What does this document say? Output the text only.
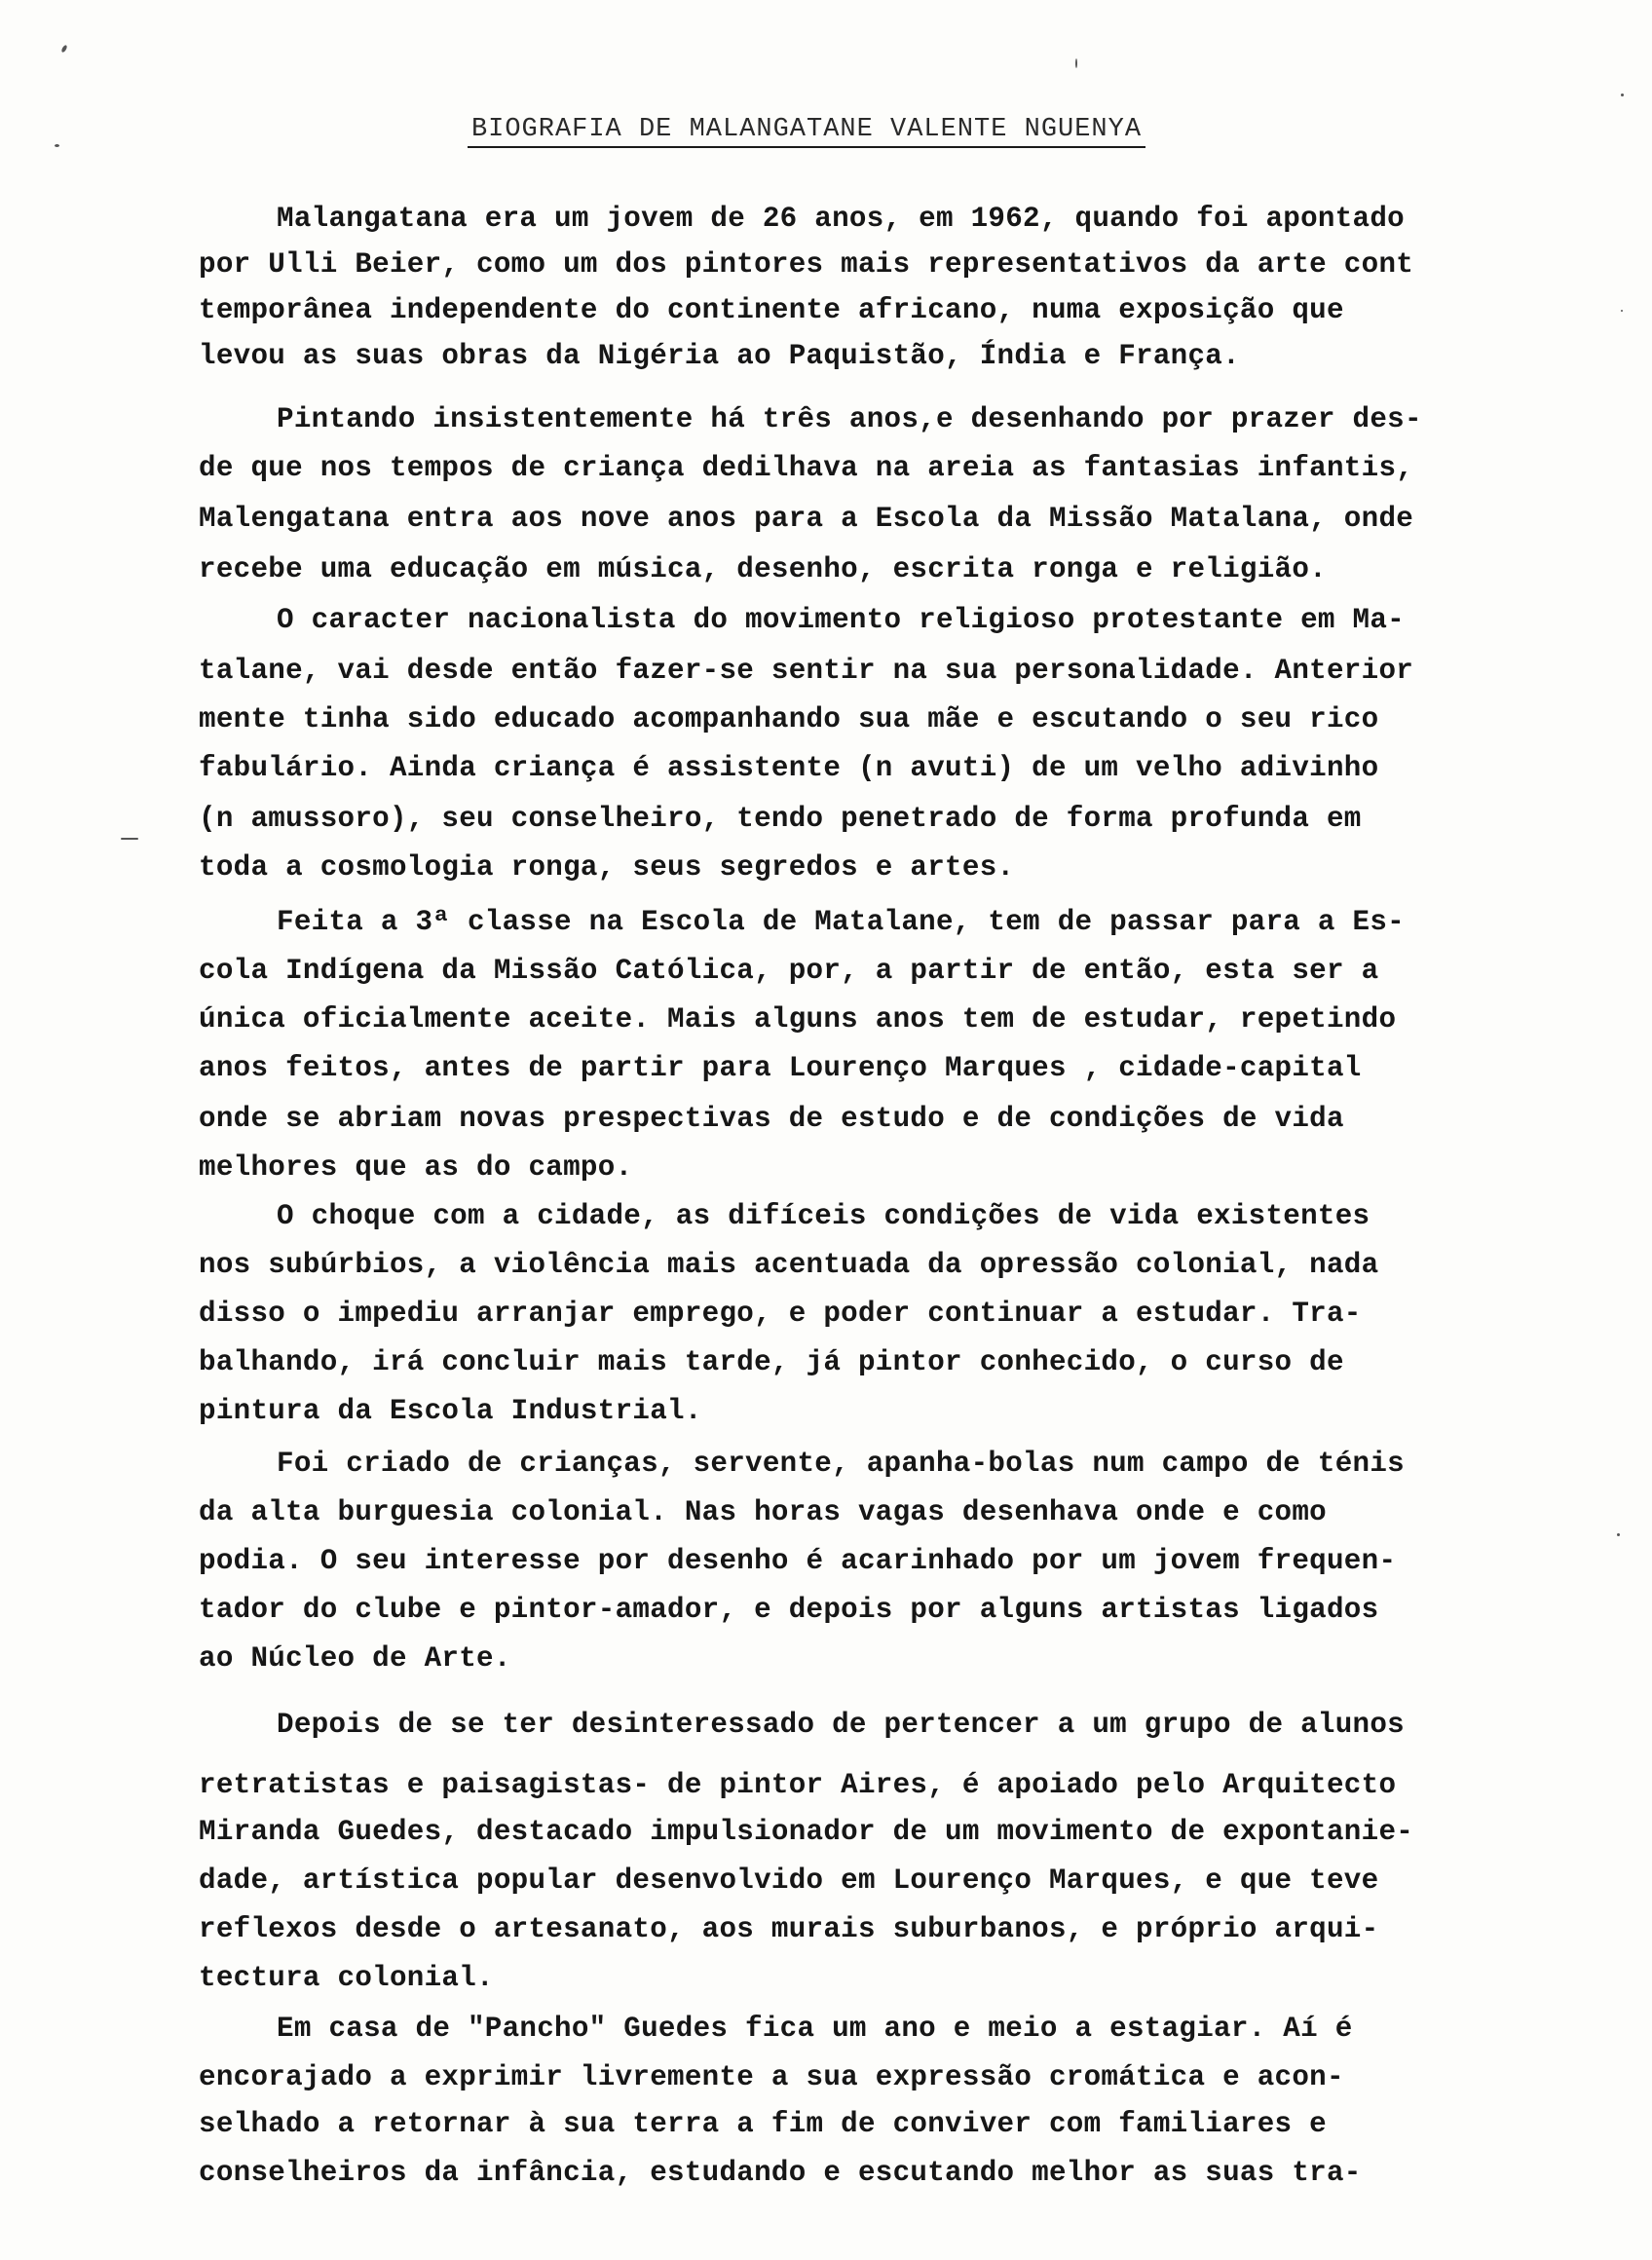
BIOGRAFIA DE MALANGATANE VALENTE NGUENYA
Malangatana era um jovem de 26 anos, em 1962, quando foi apontado
por Ulli Beier, como um dos pintores mais representativos da arte cont
temporânea independente do continente africano, numa exposição que
levou as suas obras da Nigéria ao Paquistão, Índia e França.
Pintando insistentemente há três anos,e desenhando por prazer des-
de que nos tempos de criança dedilhava na areia as fantasias infantis,
Malengatana entra aos nove anos para a Escola da Missão Matalana, onde
recebe uma educação em música, desenho, escrita ronga e religião.
O caracter nacionalista do movimento religioso protestante em Ma-
talane, vai desde então fazer-se sentir na sua personalidade. Anterior
mente tinha sido educado acompanhando sua mãe e escutando o seu rico
fabulário. Ainda criança é assistente (n avuti) de um velho adivinho
(n amussoro), seu conselheiro, tendo penetrado de forma profunda em
toda a cosmologia ronga, seus segredos e artes.
Feita a 3ª classe na Escola de Matalane, tem de passar para a Es-
cola Indígena da Missão Católica, por, a partir de então, esta ser a
única oficialmente aceite. Mais alguns anos tem de estudar, repetindo
anos feitos, antes de partir para Lourenço Marques , cidade-capital
onde se abriam novas prespectivas de estudo e de condições de vida
melhores que as do campo.
O choque com a cidade, as difíceis condições de vida existentes
nos subúrbios, a violência mais acentuada da opressão colonial, nada
disso o impediu arranjar emprego, e poder continuar a estudar. Tra-
balhando, irá concluir mais tarde, já pintor conhecido, o curso de
pintura da Escola Industrial.
Foi criado de crianças, servente, apanha-bolas num campo de ténis
da alta burguesia colonial. Nas horas vagas desenhava onde e como
podia. O seu interesse por desenho é acarinhado por um jovem frequen-
tador do clube e pintor-amador, e depois por alguns artistas ligados
ao Núcleo de Arte.
Depois de se ter desinteressado de pertencer a um grupo de alunos
retratistas e paisagistas- de pintor Aires, é apoiado pelo Arquitecto
Miranda Guedes, destacado impulsionador de um movimento de expontanie-
dade, artística popular desenvolvido em Lourenço Marques, e que teve
reflexos desde o artesanato, aos murais suburbanos, e próprio arqui-
tectura colonial.
Em casa de "Pancho" Guedes fica um ano e meio a estagiar. Aí é
encorajado a exprimir livremente a sua expressão cromática e acon-
selhado a retornar à sua terra a fim de conviver com familiares e
conselheiros da infância, estudando e escutando melhor as suas tra-
